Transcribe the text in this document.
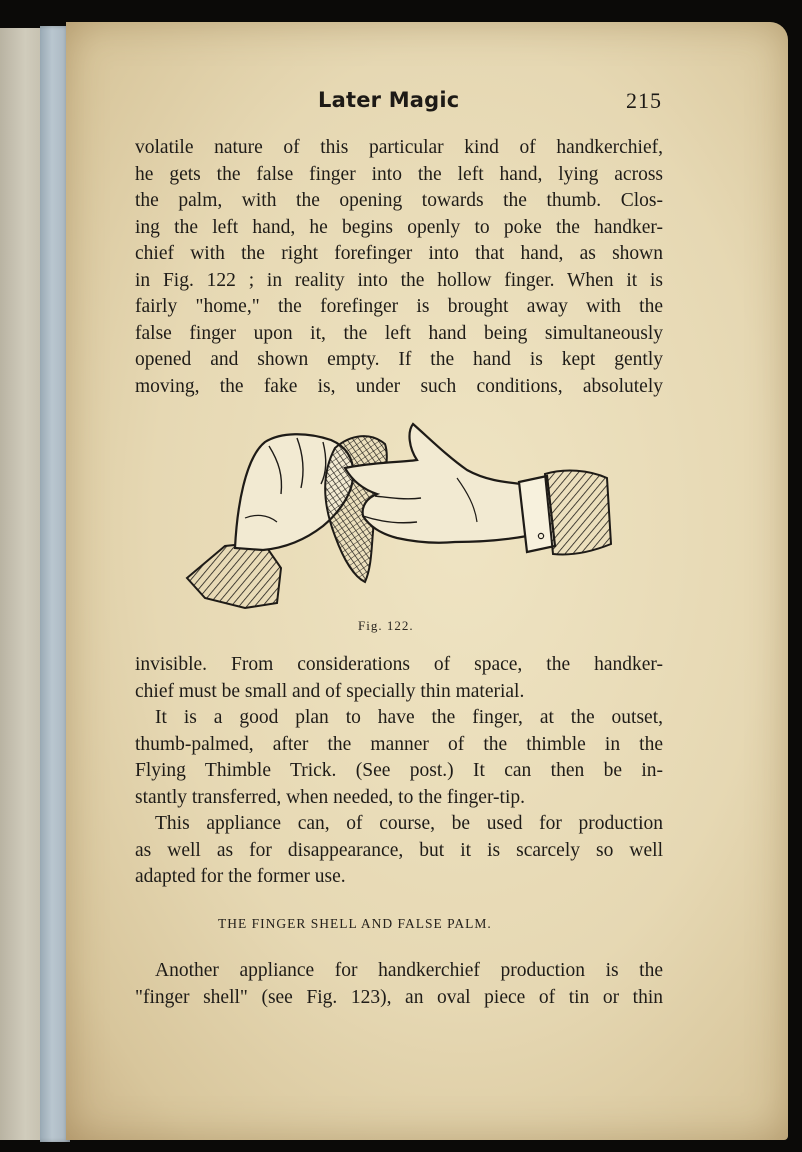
Later Magic	215
volatile nature of this particular kind of handkerchief,
he gets the false finger into the left hand, lying across
the palm, with the opening towards the thumb. Clos-
ing the left hand, he begins openly to poke the handker-
chief with the right forefinger into that hand, as shown
in Fig. 122 ; in reality into the hollow finger. When it is
fairly "home," the forefinger is brought away with the
false finger upon it, the left hand being simultaneously
opened and shown empty. If the hand is kept gently
moving, the fake is, under such conditions, absolutely
Fig. 122.
invisible. From considerations of space, the handker-
chief must be small and of specially thin material.
It is a good plan to have the finger, at the outset,
thumb-palmed, after the manner of the thimble in the
Flying Thimble Trick. (See post.) It can then be in-
stantly transferred, when needed, to the finger-tip.
This appliance can, of course, be used for production
as well as for disappearance, but it is scarcely so well
adapted for the former use.
THE FINGER SHELL AND FALSE PALM.
Another appliance for handkerchief production is the
"finger shell" (see Fig. 123), an oval piece of tin or thin
